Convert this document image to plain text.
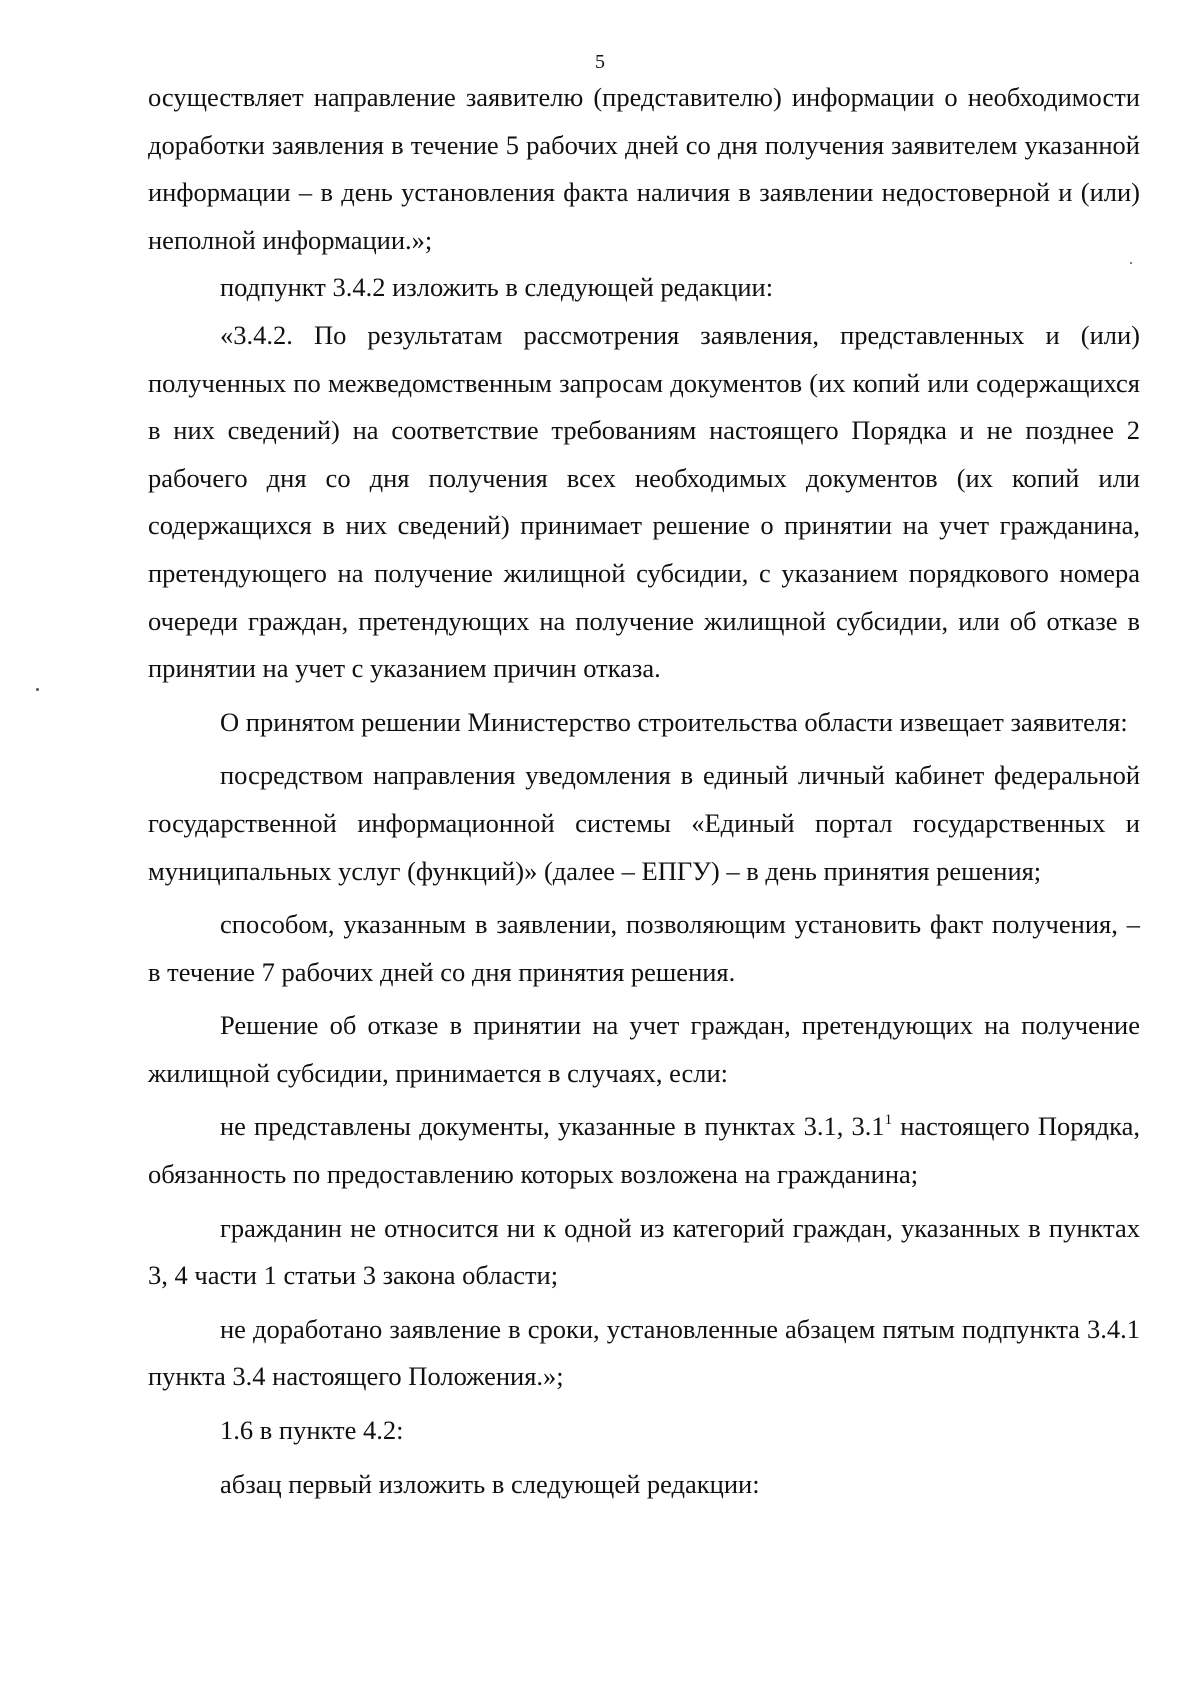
5

осуществляет направление заявителю (представителю) информации о необходимости доработки заявления в течение 5 рабочих дней со дня получения заявителем указанной информации – в день установления факта наличия в заявлении недостоверной и (или) неполной информации.»;

подпункт 3.4.2 изложить в следующей редакции:

«3.4.2. По результатам рассмотрения заявления, представленных и (или) полученных по межведомственным запросам документов (их копий или содержащихся в них сведений) на соответствие требованиям настоящего Порядка и не позднее 2 рабочего дня со дня получения всех необходимых документов (их копий или содержащихся в них сведений) принимает решение о принятии на учет гражданина, претендующего на получение жилищной субсидии, с указанием порядкового номера очереди граждан, претендующих на получение жилищной субсидии, или об отказе в принятии на учет с указанием причин отказа.

О принятом решении Министерство строительства области извещает заявителя:

посредством направления уведомления в единый личный кабинет федеральной государственной информационной системы «Единый портал государственных и муниципальных услуг (функций)» (далее – ЕПГУ) – в день принятия решения;

способом, указанным в заявлении, позволяющим установить факт получения, – в течение 7 рабочих дней со дня принятия решения.

Решение об отказе в принятии на учет граждан, претендующих на получение жилищной субсидии, принимается в случаях, если:

не представлены документы, указанные в пунктах 3.1, $3.1^1$ настоящего Порядка, обязанность по предоставлению которых возложена на гражданина;

гражданин не относится ни к одной из категорий граждан, указанных в пунктах 3, 4 части 1 статьи 3 закона области;

не доработано заявление в сроки, установленные абзацем пятым подпункта 3.4.1 пункта 3.4 настоящего Положения.»;

1.6 в пункте 4.2:

абзац первый изложить в следующей редакции:
